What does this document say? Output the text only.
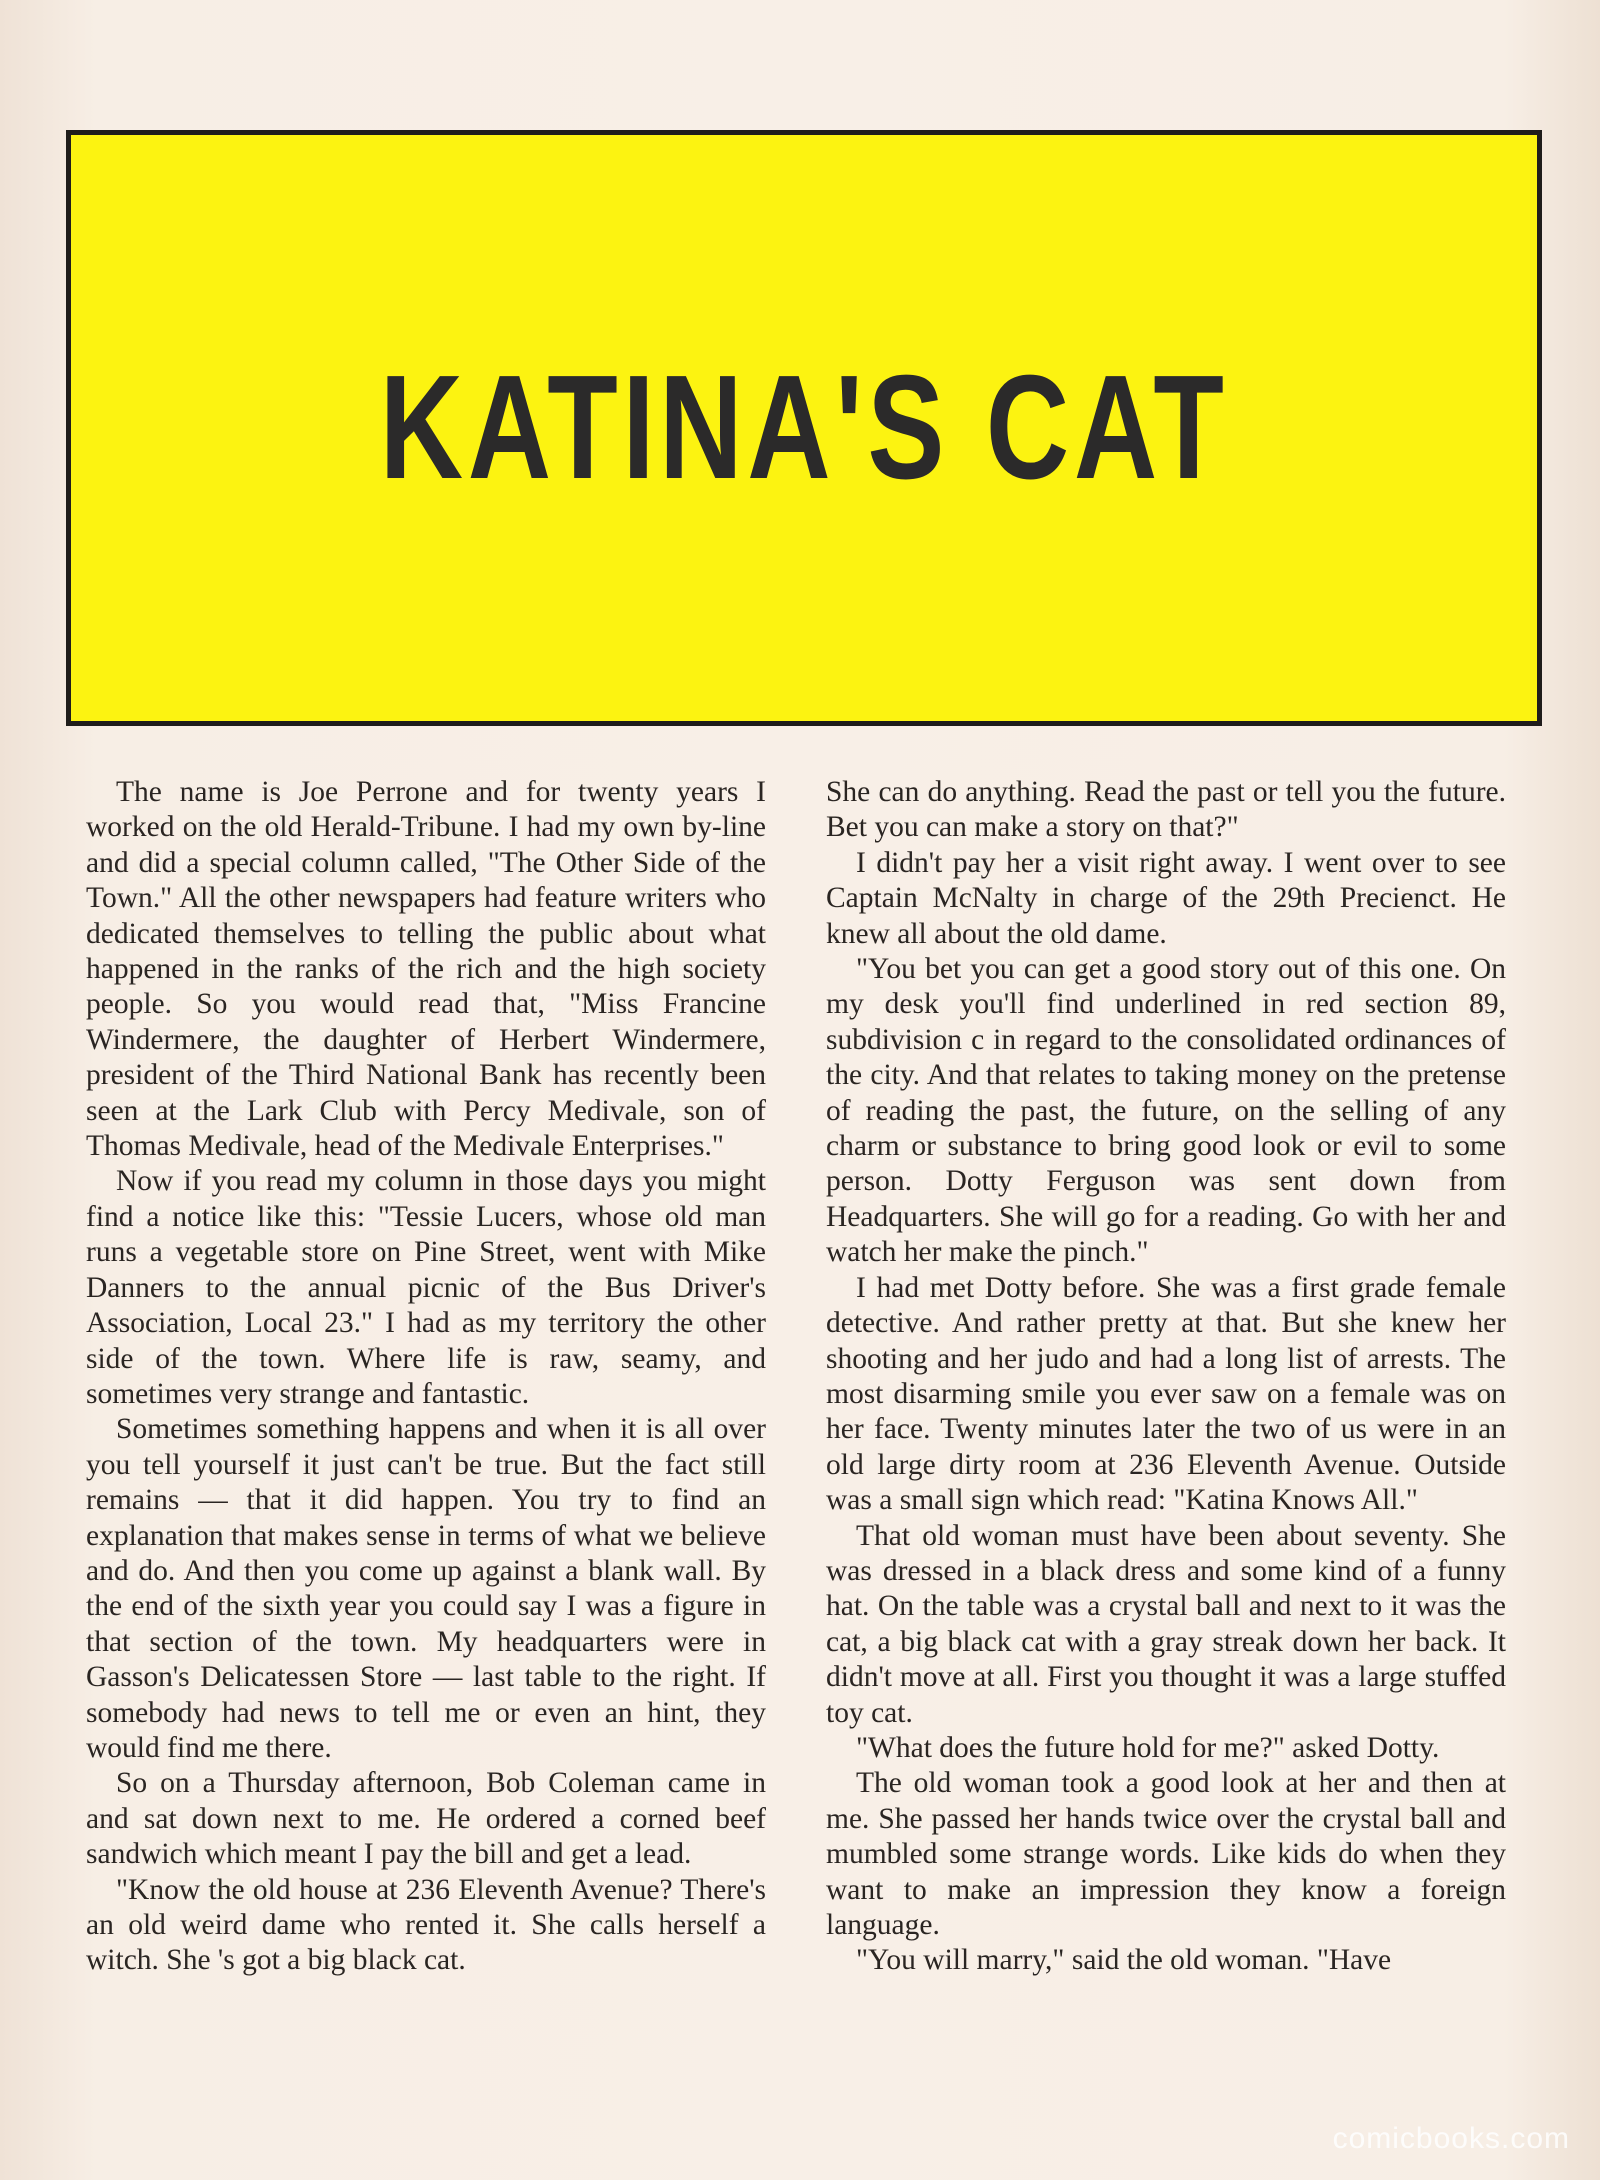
KATINA'S CAT

The name is Joe Perrone and for twenty years I worked on the old Herald-Tribune. I had my own by-line and did a special column called, "The Other Side of the Town." All the other newspapers had feature writers who dedicated themselves to telling the public about what happened in the ranks of the rich and the high society people. So you would read that, "Miss Francine Windermere, the daughter of Herbert Windermere, president of the Third National Bank has recently been seen at the Lark Club with Percy Medivale, son of Thomas Medivale, head of the Medivale Enterprises."

Now if you read my column in those days you might find a notice like this: "Tessie Lucers, whose old man runs a vegetable store on Pine Street, went with Mike Danners to the annual picnic of the Bus Driver's Association, Local 23." I had as my territory the other side of the town. Where life is raw, seamy, and sometimes very strange and fantastic.

Sometimes something happens and when it is all over you tell yourself it just can't be true. But the fact still remains — that it did happen. You try to find an explanation that makes sense in terms of what we believe and do. And then you come up against a blank wall. By the end of the sixth year you could say I was a figure in that section of the town. My headquarters were in Gasson's Delicatessen Store — last table to the right. If somebody had news to tell me or even an hint, they would find me there.

So on a Thursday afternoon, Bob Coleman came in and sat down next to me. He ordered a corned beef sandwich which meant I pay the bill and get a lead.

"Know the old house at 236 Eleventh Avenue? There's an old weird dame who rented it. She calls herself a witch. She 's got a big black cat.

She can do anything. Read the past or tell you the future. Bet you can make a story on that?"

I didn't pay her a visit right away. I went over to see Captain McNalty in charge of the 29th Precienct. He knew all about the old dame.

"You bet you can get a good story out of this one. On my desk you'll find underlined in red section 89, subdivision c in regard to the consolidated ordinances of the city. And that relates to taking money on the pretense of reading the past, the future, on the selling of any charm or substance to bring good look or evil to some person. Dotty Ferguson was sent down from Headquarters. She will go for a reading. Go with her and watch her make the pinch."

I had met Dotty before. She was a first grade female detective. And rather pretty at that. But she knew her shooting and her judo and had a long list of arrests. The most disarming smile you ever saw on a female was on her face. Twenty minutes later the two of us were in an old large dirty room at 236 Eleventh Avenue. Outside was a small sign which read: "Katina Knows All."

That old woman must have been about seventy. She was dressed in a black dress and some kind of a funny hat. On the table was a crystal ball and next to it was the cat, a big black cat with a gray streak down her back. It didn't move at all. First you thought it was a large stuffed toy cat.

"What does the future hold for me?" asked Dotty.

The old woman took a good look at her and then at me. She passed her hands twice over the crystal ball and mumbled some strange words. Like kids do when they want to make an impression they know a foreign language.

"You will marry," said the old woman. "Have

comicbooks.com
